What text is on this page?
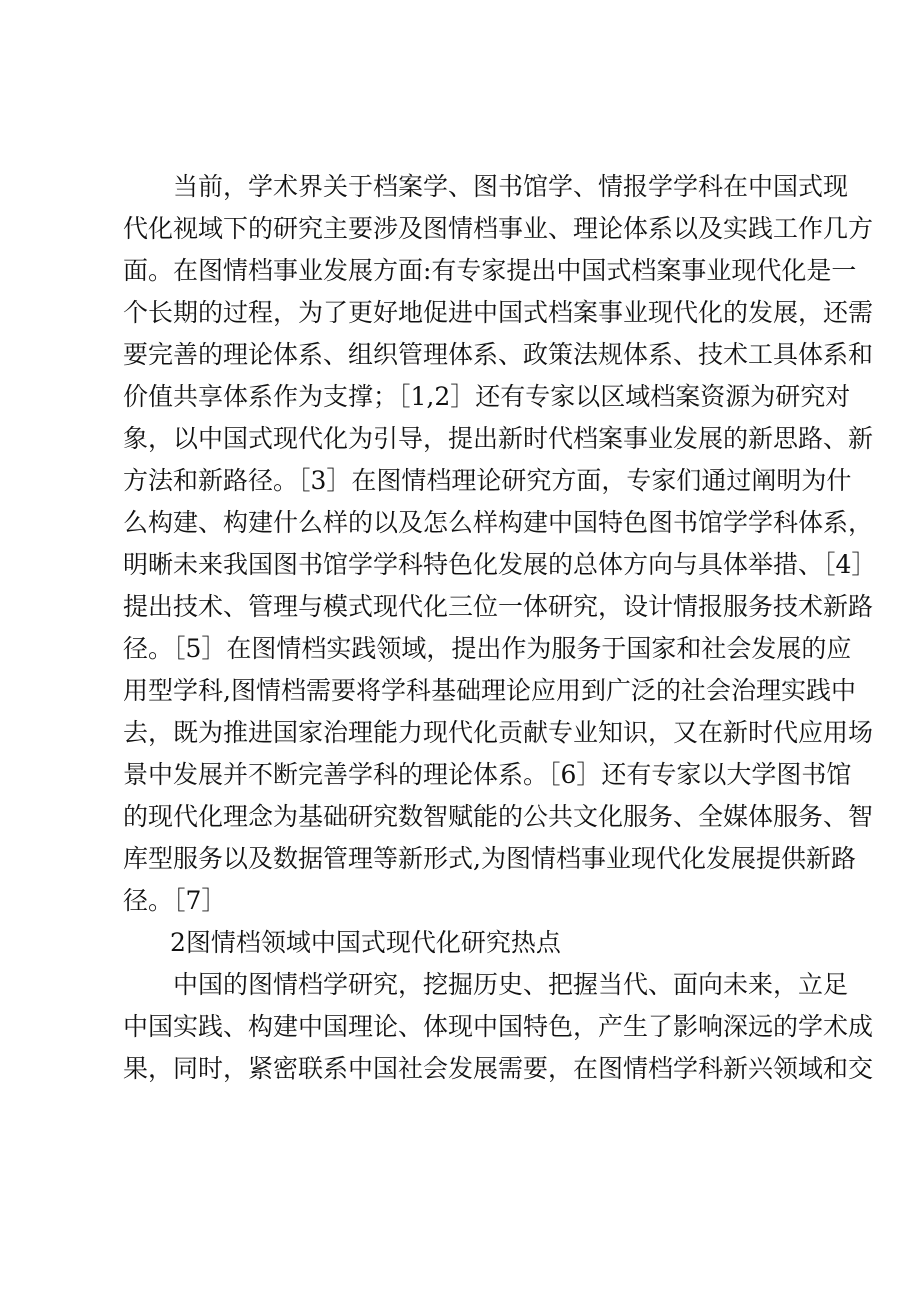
当前，学术界关于档案学、图书馆学、情报学学科在中国式现
代化视域下的研究主要涉及图情档事业、理论体系以及实践工作几方
面。在图情档事业发展方面:有专家提出中国式档案事业现代化是一
个长期的过程，为了更好地促进中国式档案事业现代化的发展，还需
要完善的理论体系、组织管理体系、政策法规体系、技术工具体系和
价值共享体系作为支撑；［1,2］还有专家以区域档案资源为研究对
象，以中国式现代化为引导，提出新时代档案事业发展的新思路、新
方法和新路径。［3］在图情档理论研究方面，专家们通过阐明为什
么构建、构建什么样的以及怎么样构建中国特色图书馆学学科体系，
明晰未来我国图书馆学学科特色化发展的总体方向与具体举措、［4］
提出技术、管理与模式现代化三位一体研究，设计情报服务技术新路
径。［5］在图情档实践领域，提出作为服务于国家和社会发展的应
用型学科,图情档需要将学科基础理论应用到广泛的社会治理实践中
去，既为推进国家治理能力现代化贡献专业知识，又在新时代应用场
景中发展并不断完善学科的理论体系。［6］还有专家以大学图书馆
的现代化理念为基础研究数智赋能的公共文化服务、全媒体服务、智
库型服务以及数据管理等新形式,为图情档事业现代化发展提供新路
径。［7］
2图情档领域中国式现代化研究热点
中国的图情档学研究，挖掘历史、把握当代、面向未来，立足
中国实践、构建中国理论、体现中国特色，产生了影响深远的学术成
果，同时，紧密联系中国社会发展需要，在图情档学科新兴领域和交
